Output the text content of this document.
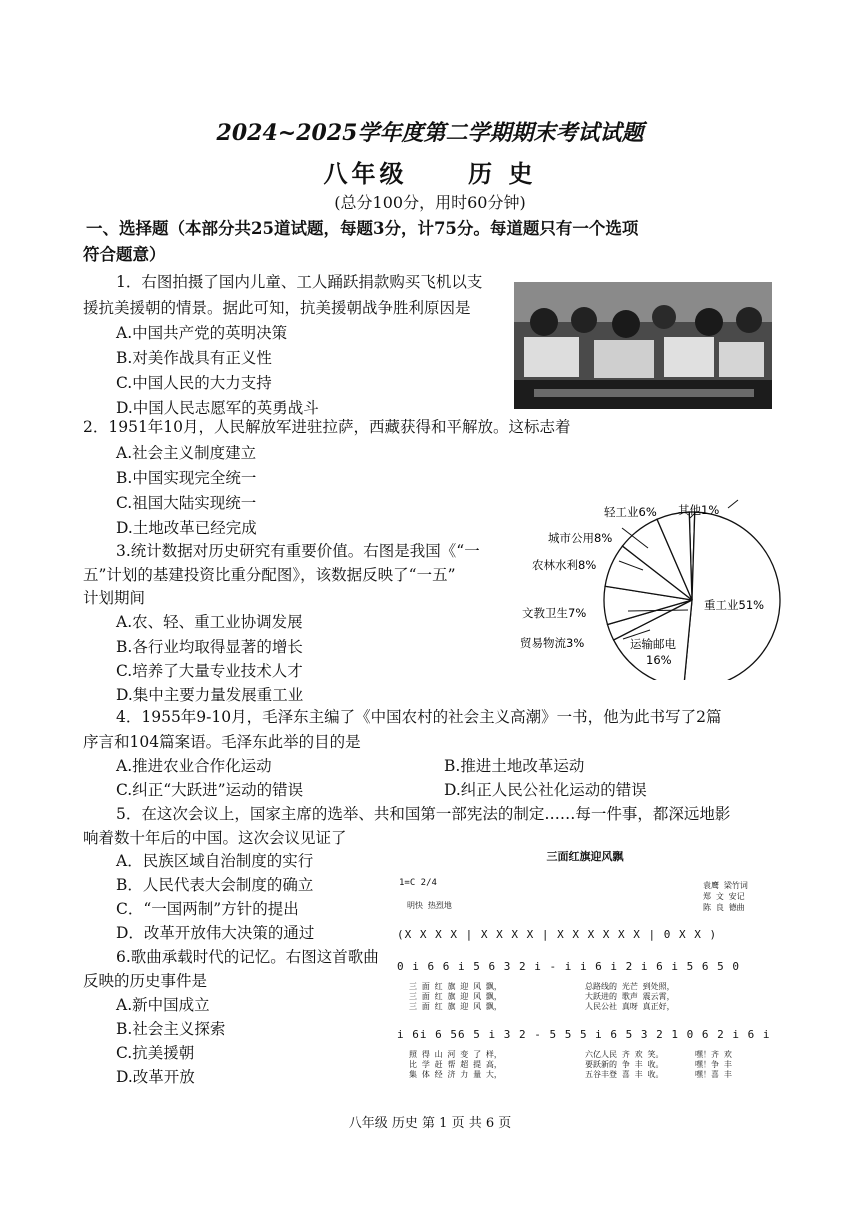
2024~2025学年度第二学期期末考试试题
八年级	历 史
(总分100分，用时60分钟)
一、选择题（本部分共25道试题，每题3分，计75分。每道题只有一个选项
符合题意）
1．右图拍摄了国内儿童、工人踊跃捐款购买飞机以支
援抗美援朝的情景。据此可知，抗美援朝战争胜利原因是
A.中国共产党的英明决策
B.对美作战具有正义性
C.中国人民的大力支持
D.中国人民志愿军的英勇战斗
2．1951年10月，人民解放军进驻拉萨，西藏获得和平解放。这标志着
A.社会主义制度建立
B.中国实现完全统一
C.祖国大陆实现统一
D.土地改革已经完成
3.统计数据对历史研究有重要价值。右图是我国《“一
五”计划的基建投资比重分配图》，该数据反映了“一五”
计划期间
A.农、轻、重工业协调发展
B.各行业均取得显著的增长
C.培养了大量专业技术人才
D.集中主要力量发展重工业
轻工业6% 其他1%
城市公用8%
农林水利8%
文教卫生7%
贸易物流3%
重工业51%
运输邮电
16%
4．1955年9-10月，毛泽东主编了《中国农村的社会主义高潮》一书，他为此书写了2篇
序言和104篇案语。毛泽东此举的目的是
A.推进农业合作化运动	B.推进土地改革运动
C.纠正“大跃进”运动的错误	D.纠正人民公社化运动的错误
5．在这次会议上，国家主席的选举、共和国第一部宪法的制定……每一件事，都深远地影
响着数十年后的中国。这次会议见证了
A．民族区域自治制度的实行
B．人民代表大会制度的确立
C．“一国两制”方针的提出
D．改革开放伟大决策的通过
6.歌曲承载时代的记忆。右图这首歌曲
反映的历史事件是
A.新中国成立
B.社会主义探索
C.抗美援朝
D.改革开放
三面红旗迎风飘
1=C 2/4
明快 热烈地
袁鹰 梁竹词
郑 文 安记
陈 良 德曲
(X X X X | X X X X | X X X X X X | 0 X X )
0 i 6 6 i 5 6 3 2 i - i i 6 i 2 i 6 i 5 6 5 0
三 面 红 旗 迎 风 飘，
三 面 红 旗 迎 风 飘，
三 面 红 旗 迎 风 飘，
总路线的 光芒 到处照，
大跃进的 歌声 震云霄，
人民公社 真呀 真正好，
i 6i 6 56 5 i 3 2 - 5 5 5 i 6 5 3 2 1 0 6 2 i 6 i
照 得 山 河 变 了 样，
比 学 赶 帮 超 提 高，
集 体 经 济 力 量 大，
六亿人民 齐 欢 笑。
要跃新的 争 丰 收。
五谷丰登 喜 丰 收。
嘿！齐 欢
嘿！争 丰
嘿！喜 丰
八年级 历史 第 1 页 共 6 页
